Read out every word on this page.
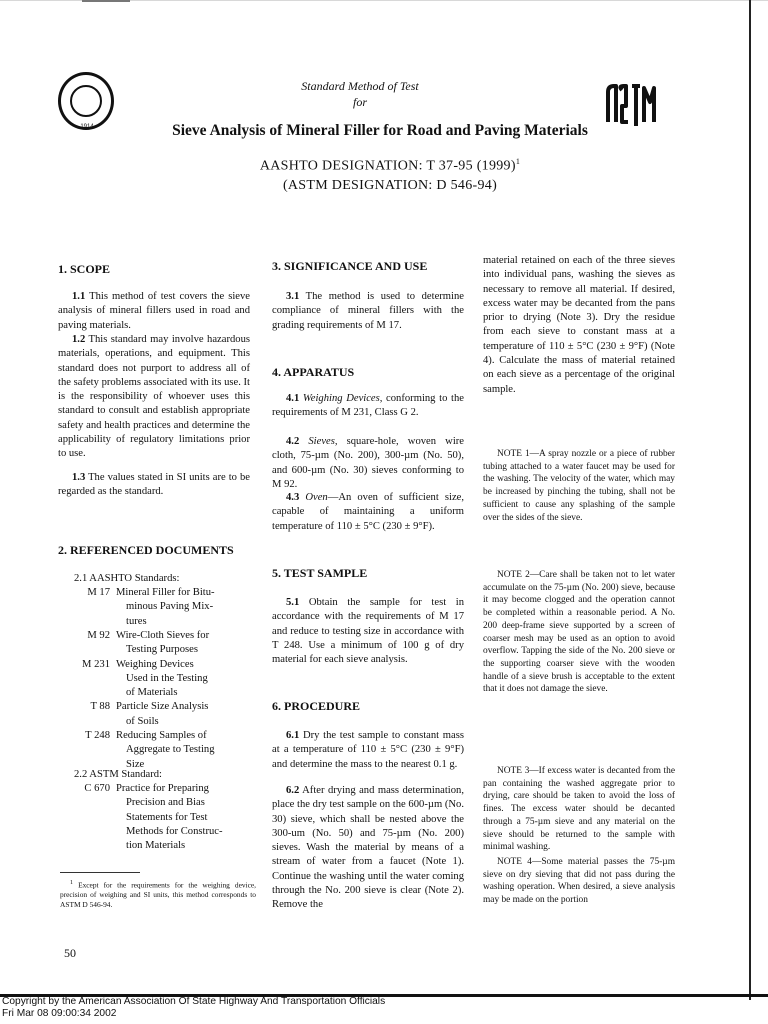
1914
Standard Method of Test
for
Sieve Analysis of Mineral Filler for Road and Paving Materials
AASHTO DESIGNATION: T 37-95 $(1999)^1$
(ASTM DESIGNATION: D 546-94)
1. SCOPE
1.1 This method of test covers the sieve analysis of mineral fillers used in road and paving materials.
1.2 This standard may involve hazardous materials, operations, and equipment. This standard does not purport to address all of the safety problems associated with its use. It is the responsibility of whoever uses this standard to consult and establish appropriate safety and health practices and determine the applicability of regulatory limitations prior to use.
1.3 The values stated in SI units are to be regarded as the standard.
2. REFERENCED DOCUMENTS
2.1 AASHTO Standards:
M 17 Mineral Filler for Bitu-
minous Paving Mix-
tures
M 92 Wire-Cloth Sieves for
Testing Purposes
M 231 Weighing Devices
Used in the Testing
of Materials
T 88 Particle Size Analysis
of Soils
T 248 Reducing Samples of
Aggregate to Testing
Size
2.2 ASTM Standard:
C 670 Practice for Preparing
Precision and Bias
Statements for Test
Methods for Construc-
tion Materials
$^1$ Except for the requirements for the weighing device, precision of weighing and SI units, this method corresponds to ASTM D 546-94.
3. SIGNIFICANCE AND USE
3.1 The method is used to determine compliance of mineral fillers with the grading requirements of M 17.
4. APPARATUS
4.1 Weighing Devices, conforming to the requirements of M 231, Class G 2.
4.2 Sieves, square-hole, woven wire cloth, 75-µm (No. 200), 300-µm (No. 50), and 600-µm (No. 30) sieves conforming to M 92.
4.3 Oven—An oven of sufficient size, capable of maintaining a uniform temperature of 110 ± 5°C (230 ± 9°F).
5. TEST SAMPLE
5.1 Obtain the sample for test in accordance with the requirements of M 17 and reduce to testing size in accordance with T 248. Use a minimum of 100 g of dry material for each sieve analysis.
6. PROCEDURE
6.1 Dry the test sample to constant mass at a temperature of 110 ± 5°C (230 ± 9°F) and determine the mass to the nearest 0.1 g.
6.2 After drying and mass determination, place the dry test sample on the 600-µm (No. 30) sieve, which shall be nested above the 300-um (No. 50) and 75-µm (No. 200) sieves. Wash the material by means of a stream of water from a faucet (Note 1). Continue the washing until the water coming through the No. 200 sieve is clear (Note 2). Remove the
material retained on each of the three sieves into individual pans, washing the sieves as necessary to remove all material. If desired, excess water may be decanted from the pans prior to drying (Note 3). Dry the residue from each sieve to constant mass at a temperature of 110 ± 5°C (230 ± 9°F) (Note 4). Calculate the mass of material retained on each sieve as a percentage of the original sample.
NOTE 1—A spray nozzle or a piece of rubber tubing attached to a water faucet may be used for the washing. The velocity of the water, which may be increased by pinching the tubing, shall not be sufficient to cause any splashing of the sample over the sides of the sieve.
NOTE 2—Care shall be taken not to let water accumulate on the 75-µm (No. 200) sieve, because it may become clogged and the operation cannot be completed within a reasonable period. A No. 200 deep-frame sieve supported by a screen of coarser mesh may be used as an option to avoid overflow. Tapping the side of the No. 200 sieve or the supporting coarser sieve with the wooden handle of a sieve brush is acceptable to the extent that it does not damage the sieve.
NOTE 3—If excess water is decanted from the pan containing the washed aggregate prior to drying, care should be taken to avoid the loss of fines. The excess water should be decanted through a 75-µm sieve and any material on the sieve should be returned to the sample with minimal washing.
NOTE 4—Some material passes the 75-µm sieve on dry sieving that did not pass during the washing operation. When desired, a sieve analysis may be made on the portion
50
Copyright by the American Association Of State Highway And Transportation Officials
Fri Mar 08 09:00:34 2002
